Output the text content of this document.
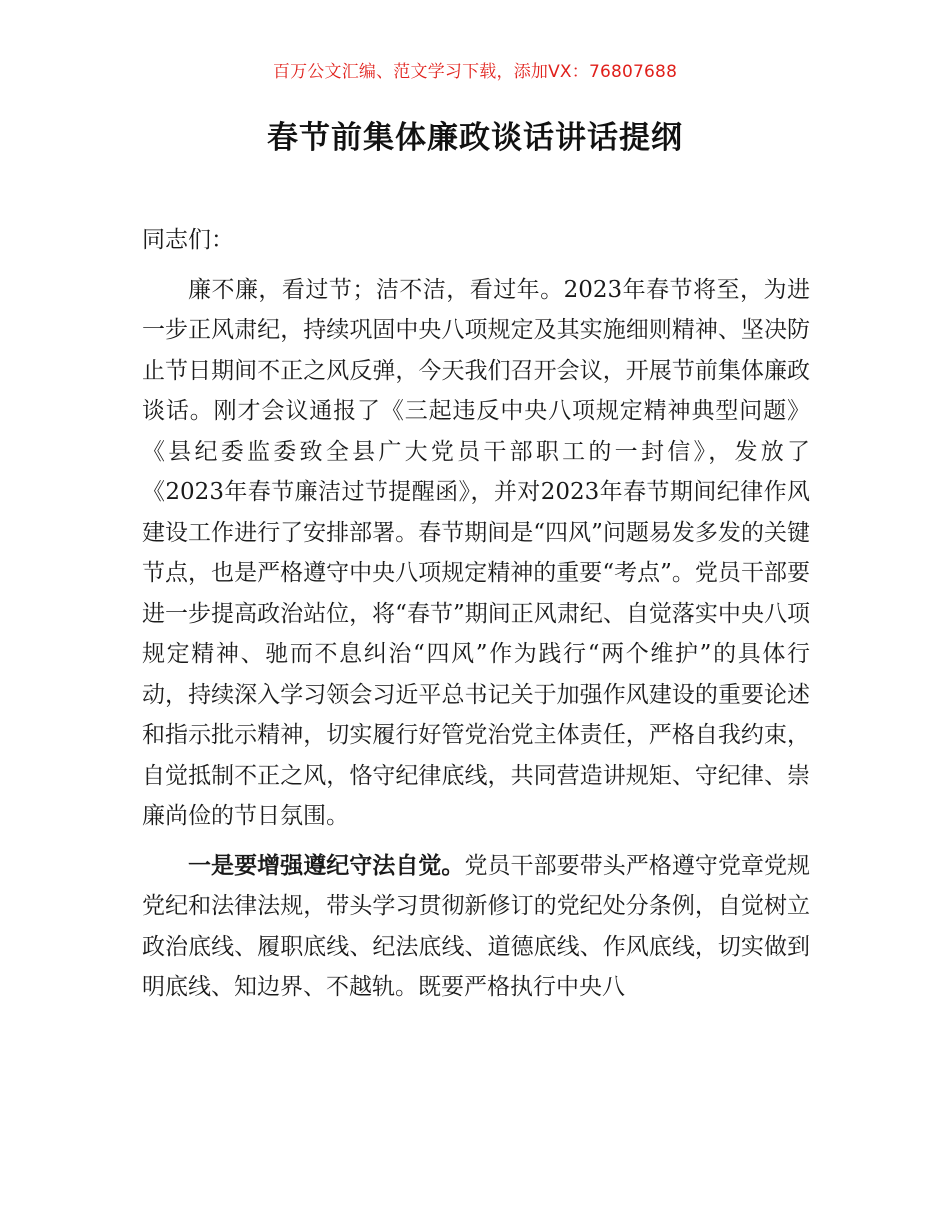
百万公文汇编、范文学习下载，添加VX：76807688
春节前集体廉政谈话讲话提纲

同志们：

廉不廉，看过节；洁不洁，看过年。2023年春节将至，为进一步正风肃纪，持续巩固中央八项规定及其实施细则精神、坚决防止节日期间不正之风反弹，今天我们召开会议，开展节前集体廉政谈话。刚才会议通报了《三起违反中央八项规定精神典型问题》《县纪委监委致全县广大党员干部职工的一封信》，发放了《2023年春节廉洁过节提醒函》，并对2023年春节期间纪律作风建设工作进行了安排部署。春节期间是“四风”问题易发多发的关键节点，也是严格遵守中央八项规定精神的重要“考点”。党员干部要进一步提高政治站位，将“春节”期间正风肃纪、自觉落实中央八项规定精神、驰而不息纠治“四风”作为践行“两个维护”的具体行动，持续深入学习领会习近平总书记关于加强作风建设的重要论述和指示批示精神，切实履行好管党治党主体责任，严格自我约束，自觉抵制不正之风，恪守纪律底线，共同营造讲规矩、守纪律、崇廉尚俭的节日氛围。

一是要增强遵纪守法自觉。党员干部要带头严格遵守党章党规党纪和法律法规，带头学习贯彻新修订的党纪处分条例，自觉树立政治底线、履职底线、纪法底线、道德底线、作风底线，切实做到明底线、知边界、不越轨。既要严格执行中央八
